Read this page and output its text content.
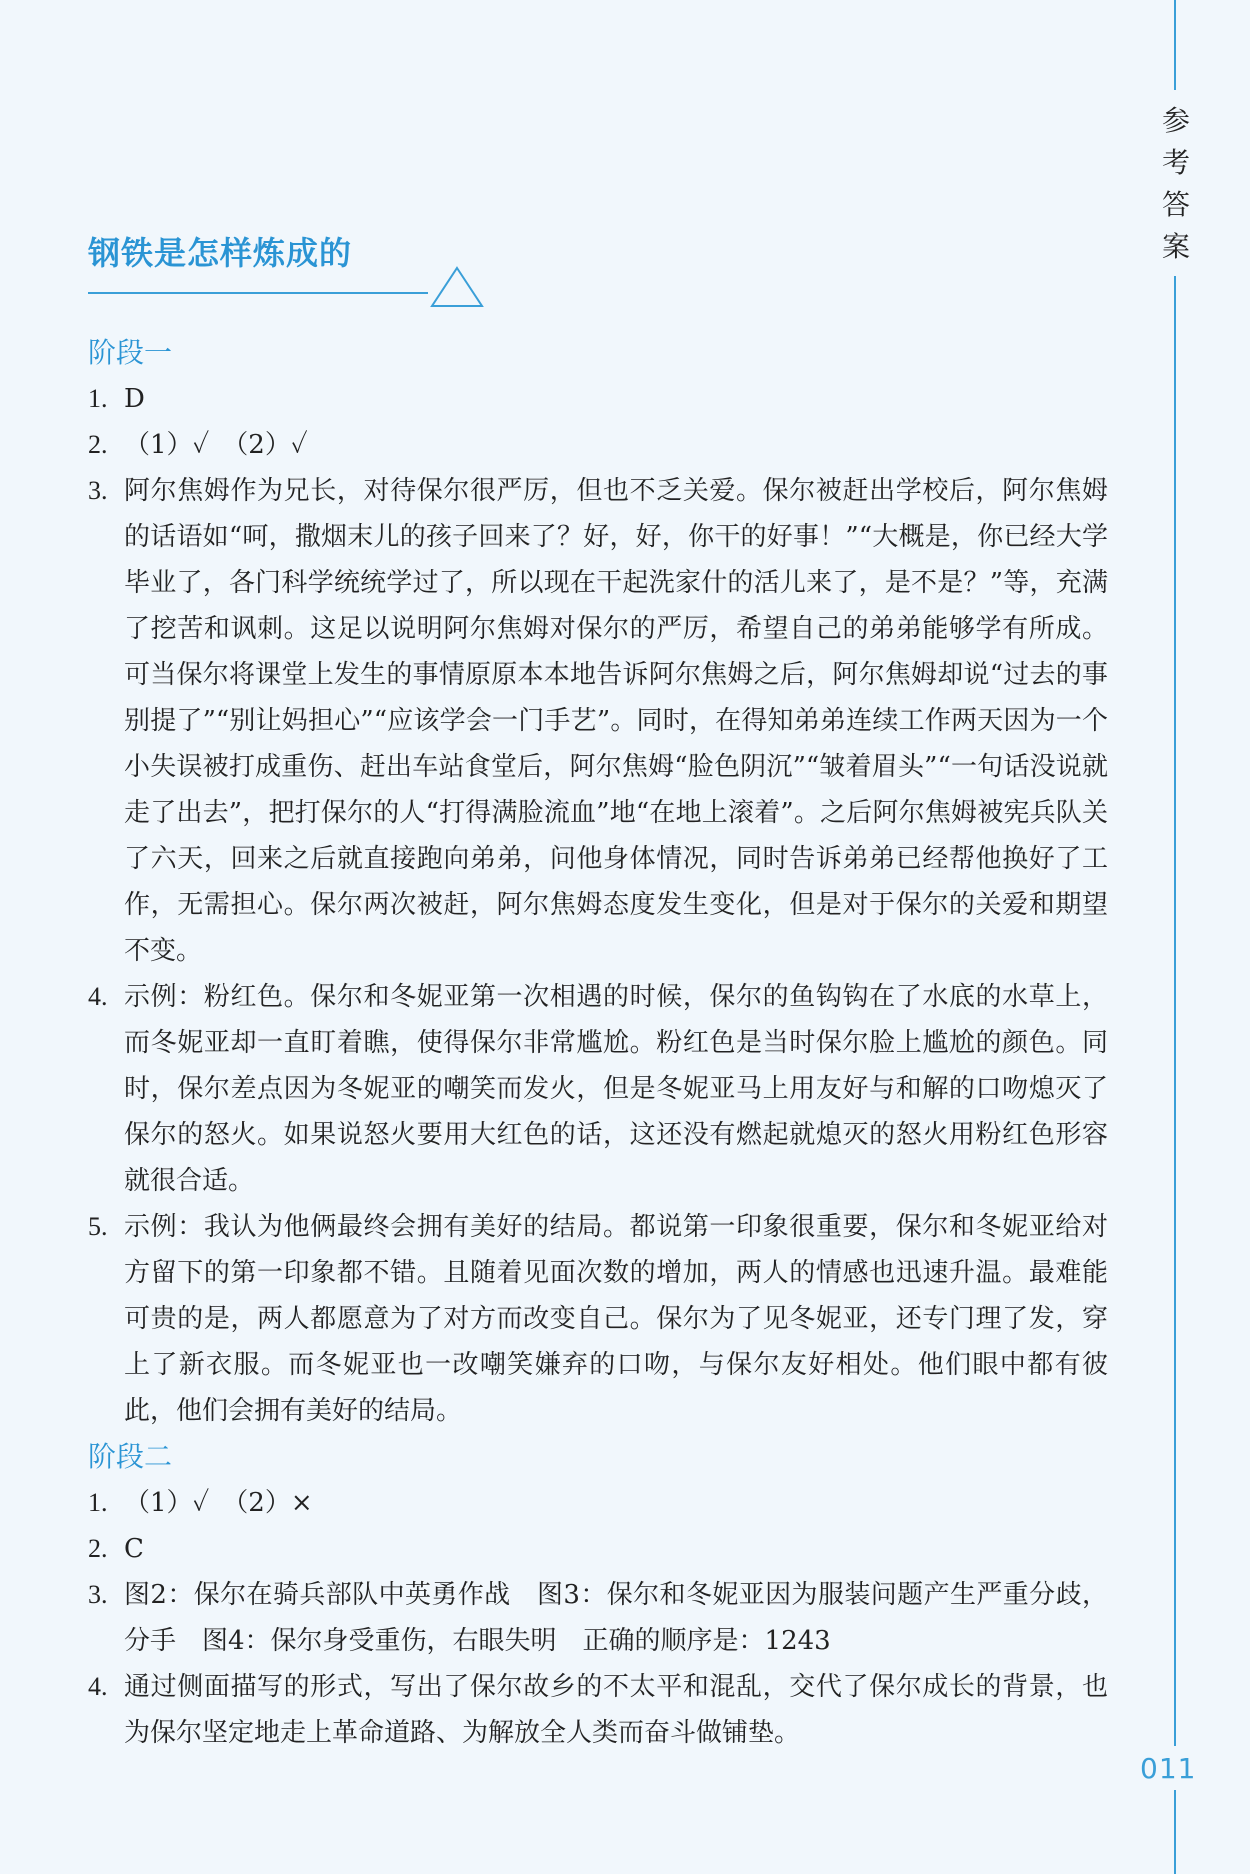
参
考
答
案
011
钢铁是怎样炼成的

阶段一

1. D
2. （1）✓　（2）✓
3. 阿尔焦姆作为兄长，对待保尔很严厉，但也不乏关爱。保尔被赶出学校后，阿尔焦姆的话语如“呵，撒烟末儿的孩子回来了？好，好，你干的好事！”“大概是，你已经大学毕业了，各门科学统统学过了，所以现在干起洗家什的活儿来了，是不是？”等，充满了挖苦和讽刺。这足以说明阿尔焦姆对保尔的严厉，希望自己的弟弟能够学有所成。可当保尔将课堂上发生的事情原原本本地告诉阿尔焦姆之后，阿尔焦姆却说“过去的事别提了”“别让妈担心”“应该学会一门手艺”。同时，在得知弟弟连续工作两天因为一个小失误被打成重伤、赶出车站食堂后，阿尔焦姆“脸色阴沉”“皱着眉头”“一句话没说就走了出去”，把打保尔的人“打得满脸流血”地“在地上滚着”。之后阿尔焦姆被宪兵队关了六天，回来之后就直接跑向弟弟，问他身体情况，同时告诉弟弟已经帮他换好了工作，无需担心。保尔两次被赶，阿尔焦姆态度发生变化，但是对于保尔的关爱和期望不变。
4. 示例：粉红色。保尔和冬妮亚第一次相遇的时候，保尔的鱼钩钩在了水底的水草上，而冬妮亚却一直盯着瞧，使得保尔非常尴尬。粉红色是当时保尔脸上尴尬的颜色。同时，保尔差点因为冬妮亚的嘲笑而发火，但是冬妮亚马上用友好与和解的口吻熄灭了保尔的怒火。如果说怒火要用大红色的话，这还没有燃起就熄灭的怒火用粉红色形容就很合适。
5. 示例：我认为他俩最终会拥有美好的结局。都说第一印象很重要，保尔和冬妮亚给对方留下的第一印象都不错。且随着见面次数的增加，两人的情感也迅速升温。最难能可贵的是，两人都愿意为了对方而改变自己。保尔为了见冬妮亚，还专门理了发，穿上了新衣服。而冬妮亚也一改嘲笑嫌弃的口吻，与保尔友好相处。他们眼中都有彼此，他们会拥有美好的结局。

阶段二

1. （1）✓　（2）×
2. C
3. 图2：保尔在骑兵部队中英勇作战　图3：保尔和冬妮亚因为服装问题产生严重分歧，分手　图4：保尔身受重伤，右眼失明　正确的顺序是：1243
4. 通过侧面描写的形式，写出了保尔故乡的不太平和混乱，交代了保尔成长的背景，也为保尔坚定地走上革命道路、为解放全人类而奋斗做铺垫。
